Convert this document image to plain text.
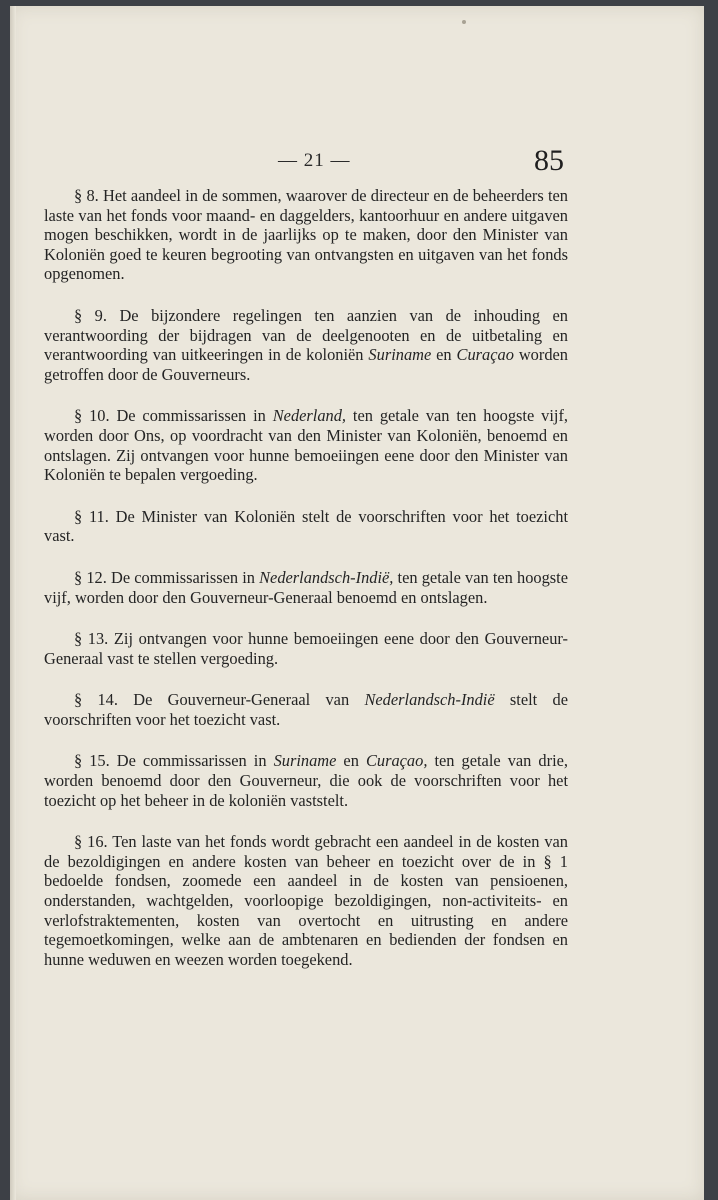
— 21 —	85

§ 8. Het aandeel in de sommen, waarover de directeur en de beheerders ten laste van het fonds voor maand- en daggelders, kantoorhuur en andere uitgaven mogen beschikken, wordt in de jaarlijks op te maken, door den Minister van Koloniën goed te keuren begrooting van ontvangsten en uitgaven van het fonds opgenomen.

§ 9. De bijzondere regelingen ten aanzien van de inhouding en verantwoording der bijdragen van de deelgenooten en de uitbetaling en verantwoording van uitkeeringen in de koloniën Suriname en Curaçao worden getroffen door de Gouverneurs.

§ 10. De commissarissen in Nederland, ten getale van ten hoogste vijf, worden door Ons, op voordracht van den Minister van Koloniën, benoemd en ontslagen. Zij ontvangen voor hunne bemoeiingen eene door den Minister van Koloniën te bepalen vergoeding.

§ 11. De Minister van Koloniën stelt de voorschriften voor het toezicht vast.

§ 12. De commissarissen in Nederlandsch-Indië, ten getale van ten hoogste vijf, worden door den Gouverneur-Generaal benoemd en ontslagen.

§ 13. Zij ontvangen voor hunne bemoeiingen eene door den Gouverneur-Generaal vast te stellen vergoeding.

§ 14. De Gouverneur-Generaal van Nederlandsch-Indië stelt de voorschriften voor het toezicht vast.

§ 15. De commissarissen in Suriname en Curaçao, ten getale van drie, worden benoemd door den Gouverneur, die ook de voorschriften voor het toezicht op het beheer in de koloniën vaststelt.

§ 16. Ten laste van het fonds wordt gebracht een aandeel in de kosten van de bezoldigingen en andere kosten van beheer en toezicht over de in § 1 bedoelde fondsen, zoomede een aandeel in de kosten van pensioenen, onderstanden, wachtgelden, voorloopige bezoldigingen, non-activiteits- en verlofstraktementen, kosten van overtocht en uitrusting en andere tegemoetkomingen, welke aan de ambtenaren en bedienden der fondsen en hunne weduwen en weezen worden toegekend.
